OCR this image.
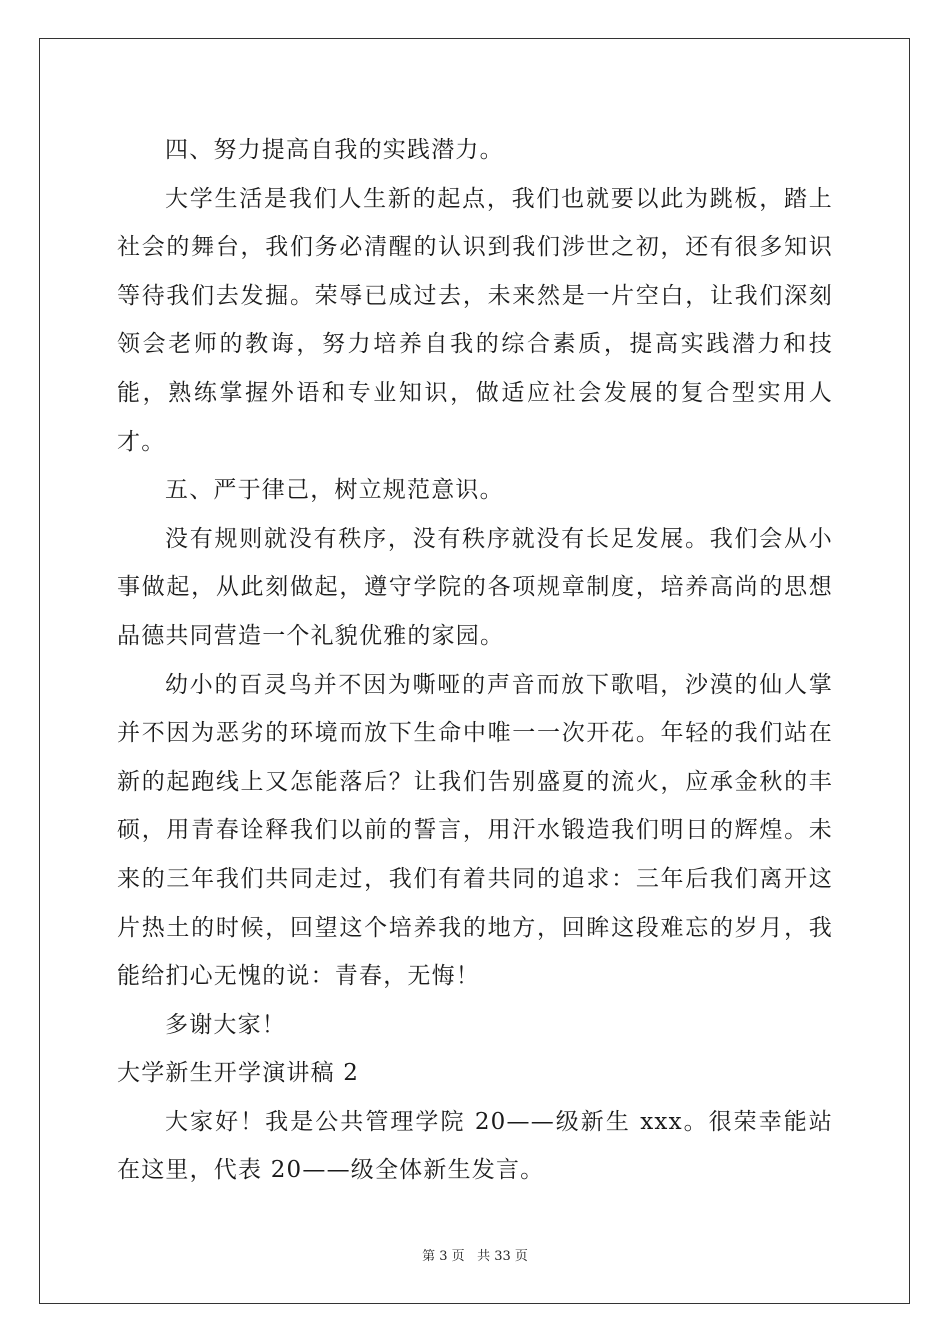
四、努力提高自我的实践潜力。

大学生活是我们人生新的起点，我们也就要以此为跳板，踏上社会的舞台，我们务必清醒的认识到我们涉世之初，还有很多知识等待我们去发掘。荣辱已成过去，未来然是一片空白，让我们深刻领会老师的教诲，努力培养自我的综合素质，提高实践潜力和技能，熟练掌握外语和专业知识，做适应社会发展的复合型实用人才。

五、严于律己，树立规范意识。

没有规则就没有秩序，没有秩序就没有长足发展。我们会从小事做起，从此刻做起，遵守学院的各项规章制度，培养高尚的思想品德共同营造一个礼貌优雅的家园。

幼小的百灵鸟并不因为嘶哑的声音而放下歌唱，沙漠的仙人掌并不因为恶劣的环境而放下生命中唯一一次开花。年轻的我们站在新的起跑线上又怎能落后？让我们告别盛夏的流火，应承金秋的丰硕，用青春诠释我们以前的誓言，用汗水锻造我们明日的辉煌。未来的三年我们共同走过，我们有着共同的追求：三年后我们离开这片热土的时候，回望这个培养我的地方，回眸这段难忘的岁月，我能给扪心无愧的说：青春，无悔！

多谢大家！

大学新生开学演讲稿 2

大家好！我是公共管理学院 20——级新生 xxx。很荣幸能站在这里，代表 20——级全体新生发言。

第 3 页 共 33 页
